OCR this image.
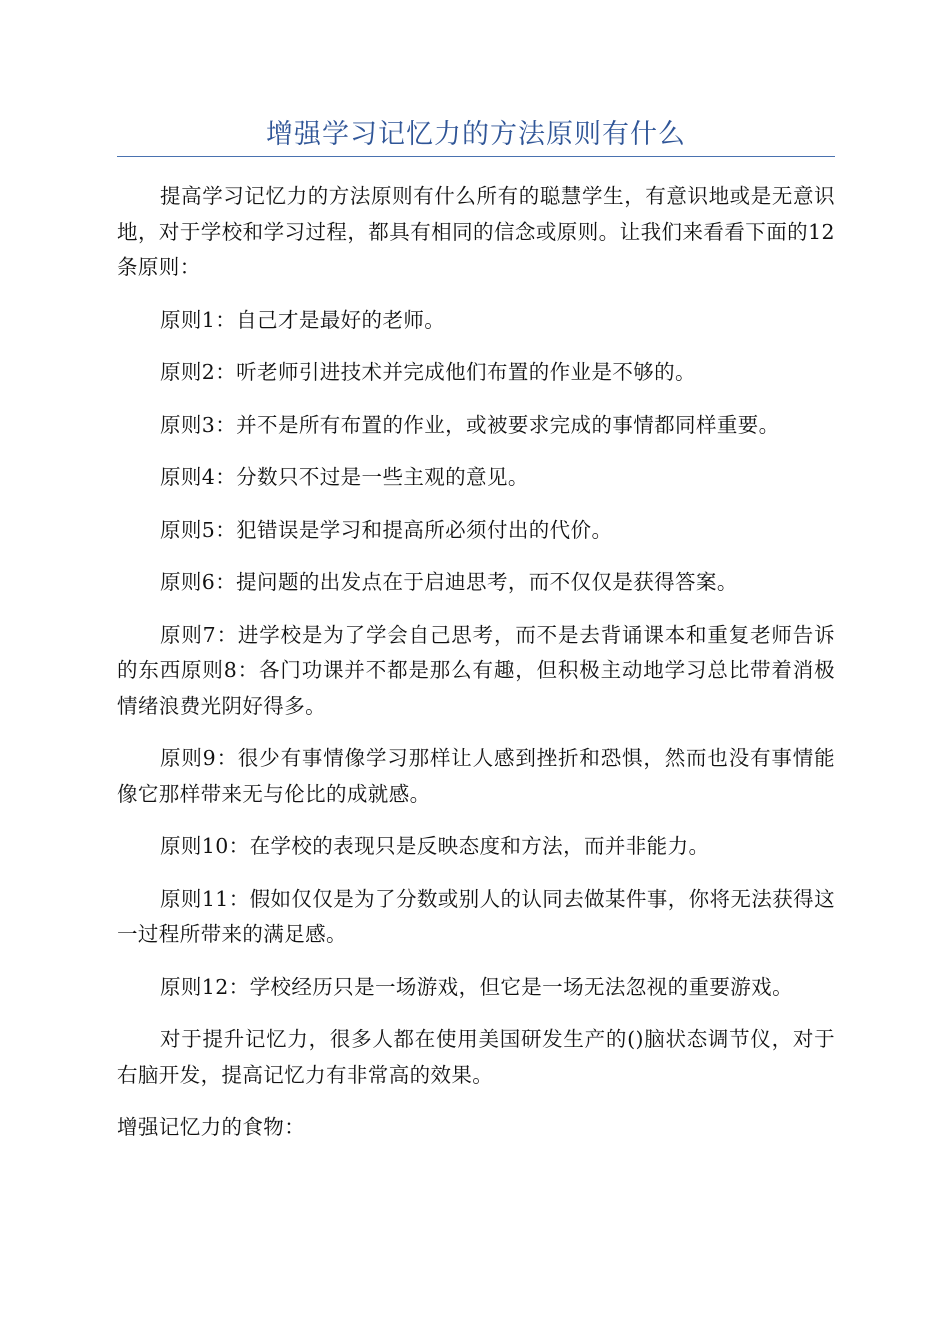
增强学习记忆力的方法原则有什么

提高学习记忆力的方法原则有什么所有的聪慧学生，有意识地或是无意识地，对于学校和学习过程，都具有相同的信念或原则。让我们来看看下面的12条原则：

原则1：自己才是最好的老师。

原则2：听老师引进技术并完成他们布置的作业是不够的。

原则3：并不是所有布置的作业，或被要求完成的事情都同样重要。

原则4：分数只不过是一些主观的意见。

原则5：犯错误是学习和提高所必须付出的代价。

原则6：提问题的出发点在于启迪思考，而不仅仅是获得答案。

原则7：进学校是为了学会自己思考，而不是去背诵课本和重复老师告诉的东西原则8：各门功课并不都是那么有趣，但积极主动地学习总比带着消极情绪浪费光阴好得多。

原则9：很少有事情像学习那样让人感到挫折和恐惧，然而也没有事情能像它那样带来无与伦比的成就感。

原则10：在学校的表现只是反映态度和方法，而并非能力。

原则11：假如仅仅是为了分数或别人的认同去做某件事，你将无法获得这一过程所带来的满足感。

原则12：学校经历只是一场游戏，但它是一场无法忽视的重要游戏。

对于提升记忆力，很多人都在使用美国研发生产的()脑状态调节仪，对于右脑开发，提高记忆力有非常高的效果。

增强记忆力的食物：
